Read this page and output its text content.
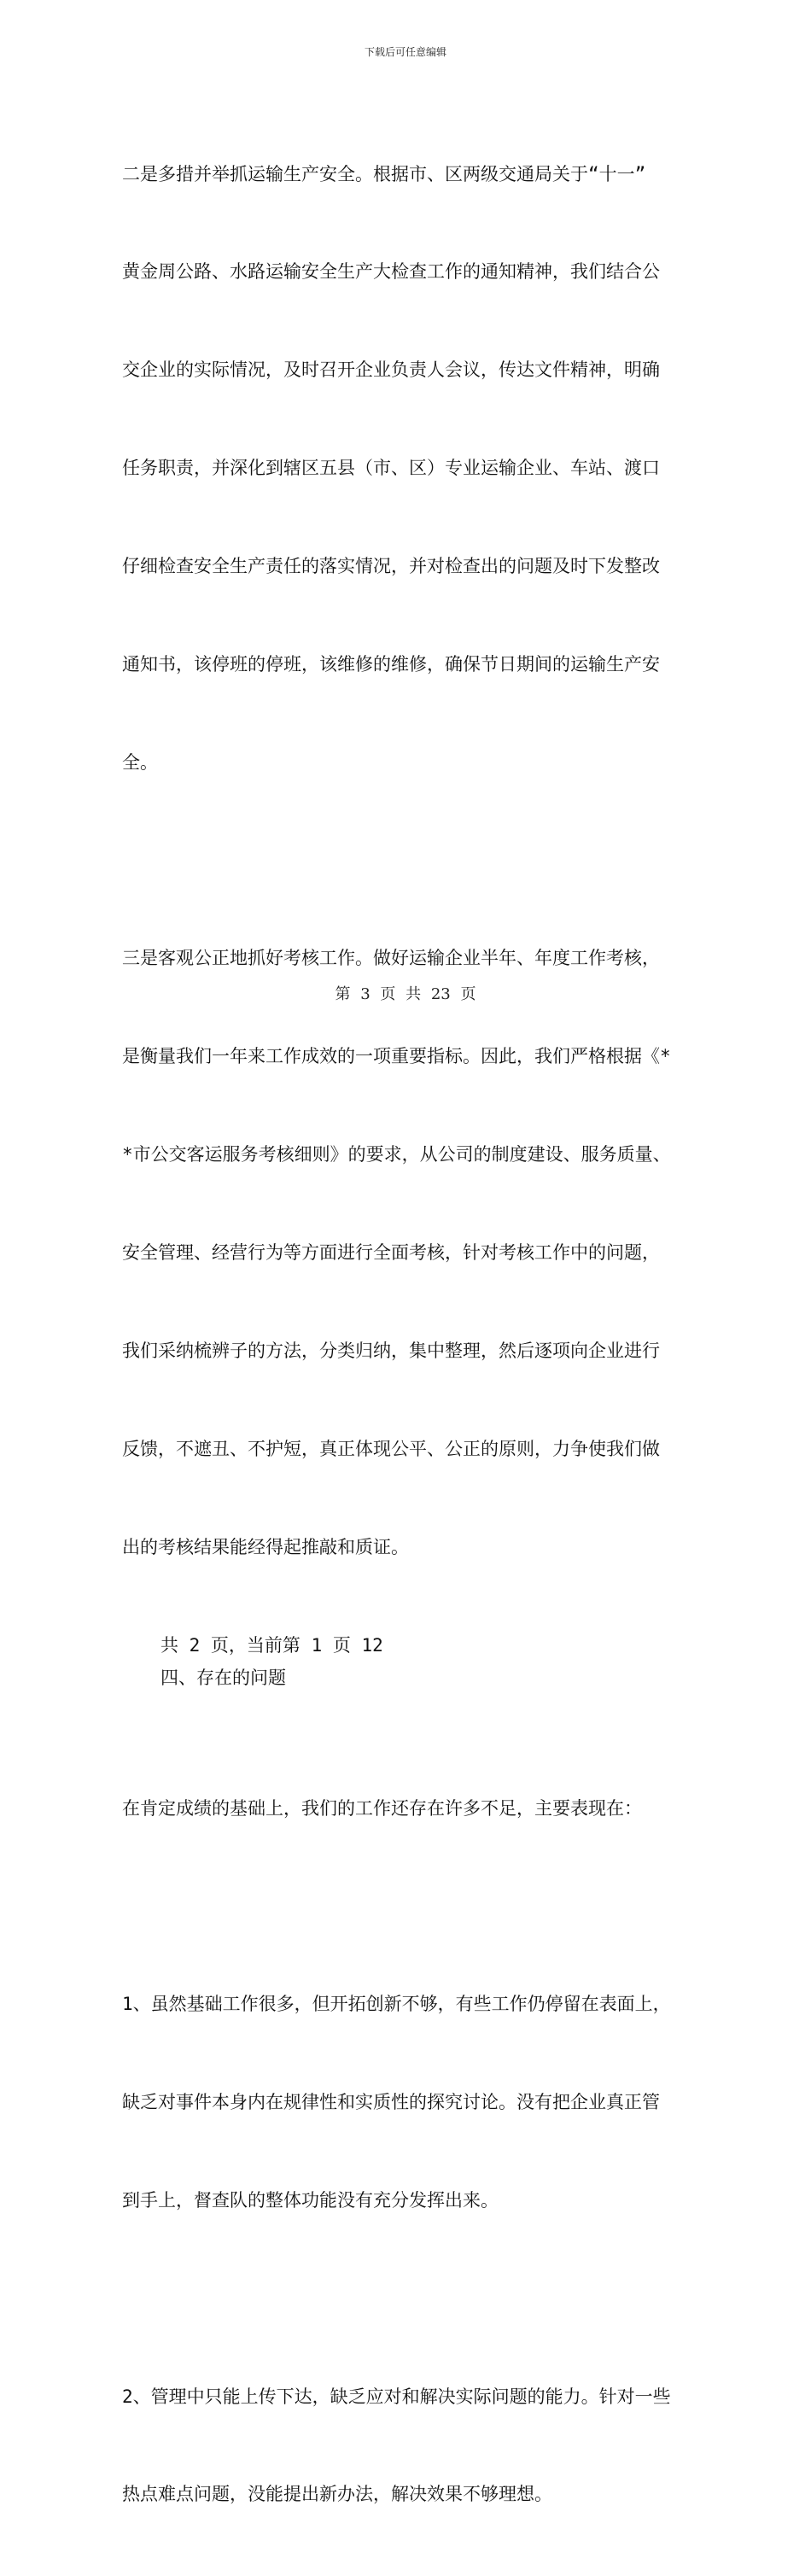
下载后可任意编辑

二是多措并举抓运输生产安全。根据市、区两级交通局关于“十一”

黄金周公路、水路运输安全生产大检查工作的通知精神，我们结合公

交企业的实际情况，及时召开企业负责人会议，传达文件精神，明确

任务职责，并深化到辖区五县（市、区）专业运输企业、车站、渡口

仔细检查安全生产责任的落实情况，并对检查出的问题及时下发整改

通知书，该停班的停班，该维修的维修，确保节日期间的运输生产安

全。

三是客观公正地抓好考核工作。做好运输企业半年、年度工作考核，

是衡量我们一年来工作成效的一项重要指标。因此，我们严格根据《*

*市公交客运服务考核细则》的要求，从公司的制度建设、服务质量、

安全管理、经营行为等方面进行全面考核，针对考核工作中的问题，

我们采纳梳辨子的方法，分类归纳，集中整理，然后逐项向企业进行

反馈，不遮丑、不护短，真正体现公平、公正的原则，力争使我们做

出的考核结果能经得起推敲和质证。

共 2 页，当前第 1 页 12
四、存在的问题

在肯定成绩的基础上，我们的工作还存在许多不足，主要表现在：

1、虽然基础工作很多，但开拓创新不够，有些工作仍停留在表面上，

缺乏对事件本身内在规律性和实质性的探究讨论。没有把企业真正管

到手上，督查队的整体功能没有充分发挥出来。

2、管理中只能上传下达，缺乏应对和解决实际问题的能力。针对一些

热点难点问题，没能提出新办法，解决效果不够理想。

第 3 页 共 23 页
